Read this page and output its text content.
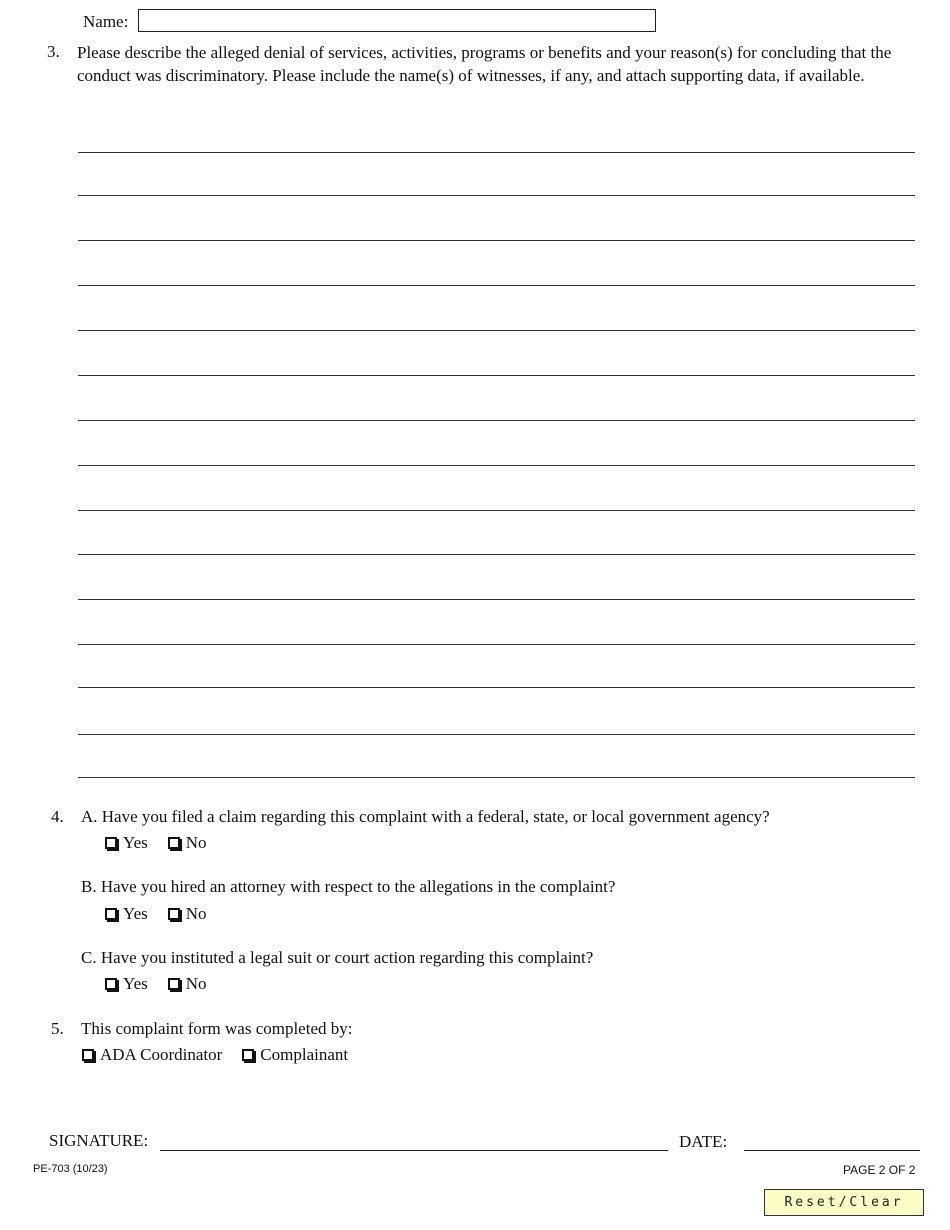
Name:
3. Please describe the alleged denial of services, activities, programs or benefits and your reason(s) for concluding that the conduct was discriminatory. Please include the name(s) of witnesses, if any, and attach supporting data, if available.
4. A. Have you filed a claim regarding this complaint with a federal, state, or local government agency?
Yes No
B. Have you hired an attorney with respect to the allegations in the complaint?
Yes No
C. Have you instituted a legal suit or court action regarding this complaint?
Yes No
5. This complaint form was completed by:
ADA Coordinator Complainant
SIGNATURE:	DATE:
PE-703 (10/23)	PAGE 2 OF 2
Reset/Clear
